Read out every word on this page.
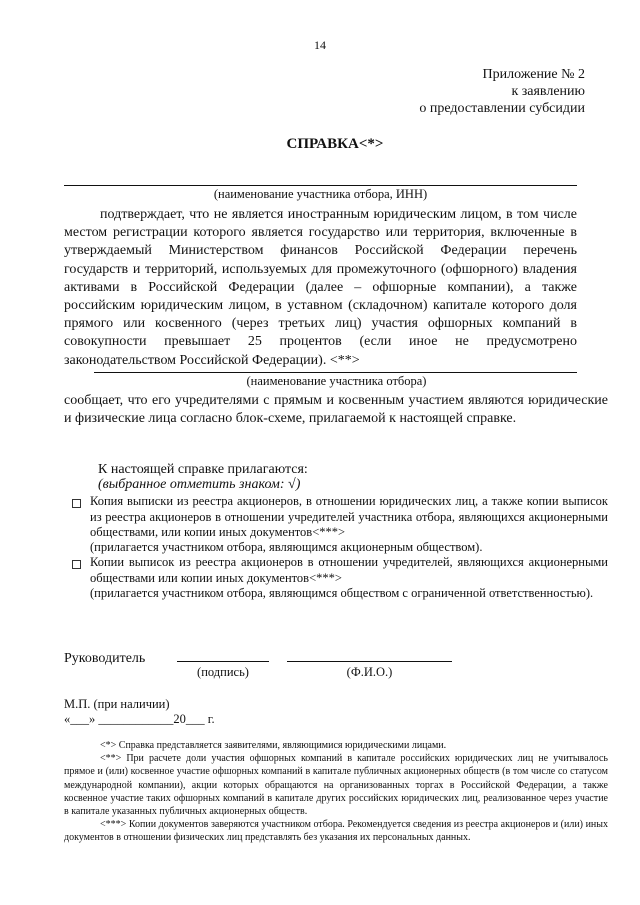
14
Приложение № 2
к заявлению
о предоставлении субсидии
СПРАВКА<*>
(наименование участника отбора, ИНН)
подтверждает, что не является иностранным юридическим лицом, в том числе местом регистрации которого является государство или территория, включенные в утверждаемый Министерством финансов Российской Федерации перечень государств и территорий, используемых для промежуточного (офшорного) владения активами в Российской Федерации (далее – офшорные компании), а также российским юридическим лицом, в уставном (складочном) капитале которого доля прямого или косвенного (через третьих лиц) участия офшорных компаний в совокупности превышает 25 процентов (если иное не предусмотрено законодательством Российской Федерации). <**>
(наименование участника отбора)
сообщает, что его учредителями с прямым и косвенным участием являются юридические и физические лица согласно блок-схеме, прилагаемой к настоящей справке.
К настоящей справке прилагаются:
(выбранное отметить знаком: √)
Копия выписки из реестра акционеров, в отношении юридических лиц, а также копии выписок из реестра акционеров в отношении учредителей участника отбора, являющихся акционерными обществами, или копии иных документов<***>
(прилагается участником отбора, являющимся акционерным обществом).
Копии выписок из реестра акционеров в отношении учредителей, являющихся акционерными обществами или копии иных документов<***>
(прилагается участником отбора, являющимся обществом с ограниченной ответственностью).
Руководитель
(подпись)	(Ф.И.О.)
М.П. (при наличии)
«___» ____________20___ г.
<*> Справка представляется заявителями, являющимися юридическими лицами.
<**> При расчете доли участия офшорных компаний в капитале российских юридических лиц не учитывалось прямое и (или) косвенное участие офшорных компаний в капитале публичных акционерных обществ (в том числе со статусом международной компании), акции которых обращаются на организованных торгах в Российской Федерации, а также косвенное участие таких офшорных компаний в капитале других российских юридических лиц, реализованное через участие в капитале указанных публичных акционерных обществ.
<***> Копии документов заверяются участником отбора. Рекомендуется сведения из реестра акционеров и (или) иных документов в отношении физических лиц представлять без указания их персональных данных.
